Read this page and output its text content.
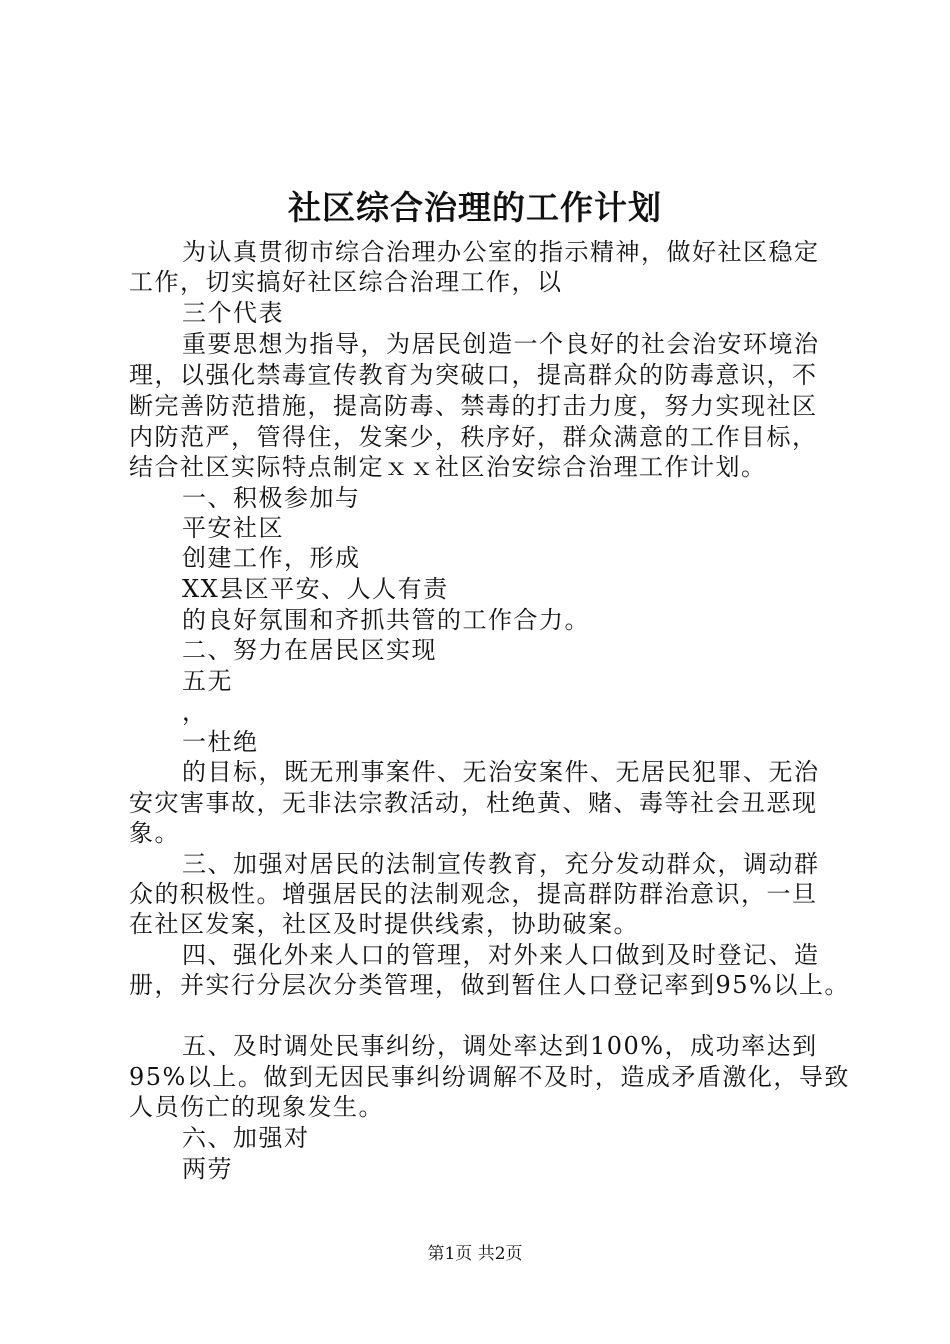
社区综合治理的工作计划
为认真贯彻市综合治理办公室的指示精神，做好社区稳定
工作，切实搞好社区综合治理工作，以
三个代表
重要思想为指导，为居民创造一个良好的社会治安环境治
理，以强化禁毒宣传教育为突破口，提高群众的防毒意识，不
断完善防范措施，提高防毒、禁毒的打击力度，努力实现社区
内防范严，管得住，发案少，秩序好，群众满意的工作目标，
结合社区实际特点制定ｘｘ社区治安综合治理工作计划。
一、积极参加与
平安社区
创建工作，形成
XX县区平安、人人有责
的良好氛围和齐抓共管的工作合力。
二、努力在居民区实现
五无
，
一杜绝
的目标，既无刑事案件、无治安案件、无居民犯罪、无治
安灾害事故，无非法宗教活动，杜绝黄、赌、毒等社会丑恶现
象。
三、加强对居民的法制宣传教育，充分发动群众，调动群
众的积极性。增强居民的法制观念，提高群防群治意识，一旦
在社区发案，社区及时提供线索，协助破案。
四、强化外来人口的管理，对外来人口做到及时登记、造
册，并实行分层次分类管理，做到暂住人口登记率到95%以上。
五、及时调处民事纠纷，调处率达到100%，成功率达到
95%以上。做到无因民事纠纷调解不及时，造成矛盾激化，导致
人员伤亡的现象发生。
六、加强对
两劳
第1页 共2页
